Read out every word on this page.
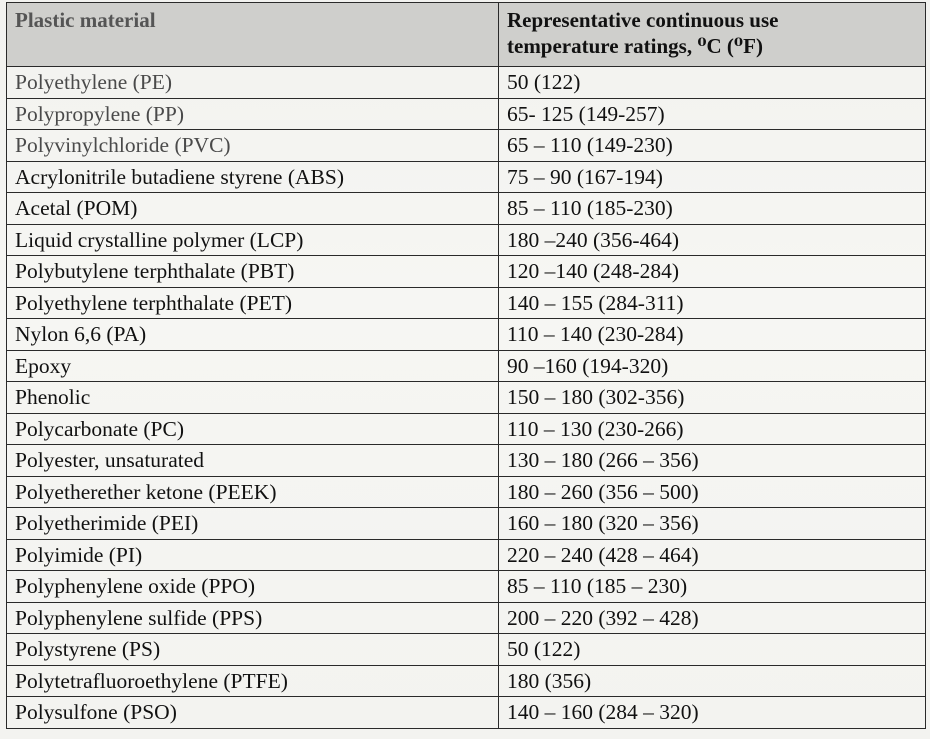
Plastic material	Representative continuous use
temperature ratings, ⁰C (⁰F)
Polyethylene (PE)	50 (122)
Polypropylene (PP)	65- 125 (149-257)
Polyvinylchloride (PVC)	65 – 110 (149-230)
Acrylonitrile butadiene styrene (ABS)	75 – 90 (167-194)
Acetal (POM)	85 – 110 (185-230)
Liquid crystalline polymer (LCP)	180 –240 (356-464)
Polybutylene terphthalate (PBT)	120 –140 (248-284)
Polyethylene terphthalate (PET)	140 – 155 (284-311)
Nylon 6,6 (PA)	110 – 140 (230-284)
Epoxy	90 –160 (194-320)
Phenolic	150 – 180 (302-356)
Polycarbonate (PC)	110 – 130 (230-266)
Polyester, unsaturated	130 – 180 (266 – 356)
Polyetherether ketone (PEEK)	180 – 260 (356 – 500)
Polyetherimide (PEI)	160 – 180 (320 – 356)
Polyimide (PI)	220 – 240 (428 – 464)
Polyphenylene oxide (PPO)	85 – 110 (185 – 230)
Polyphenylene sulfide (PPS)	200 – 220 (392 – 428)
Polystyrene (PS)	50 (122)
Polytetrafluoroethylene (PTFE)	180 (356)
Polysulfone (PSO)	140 – 160 (284 – 320)
